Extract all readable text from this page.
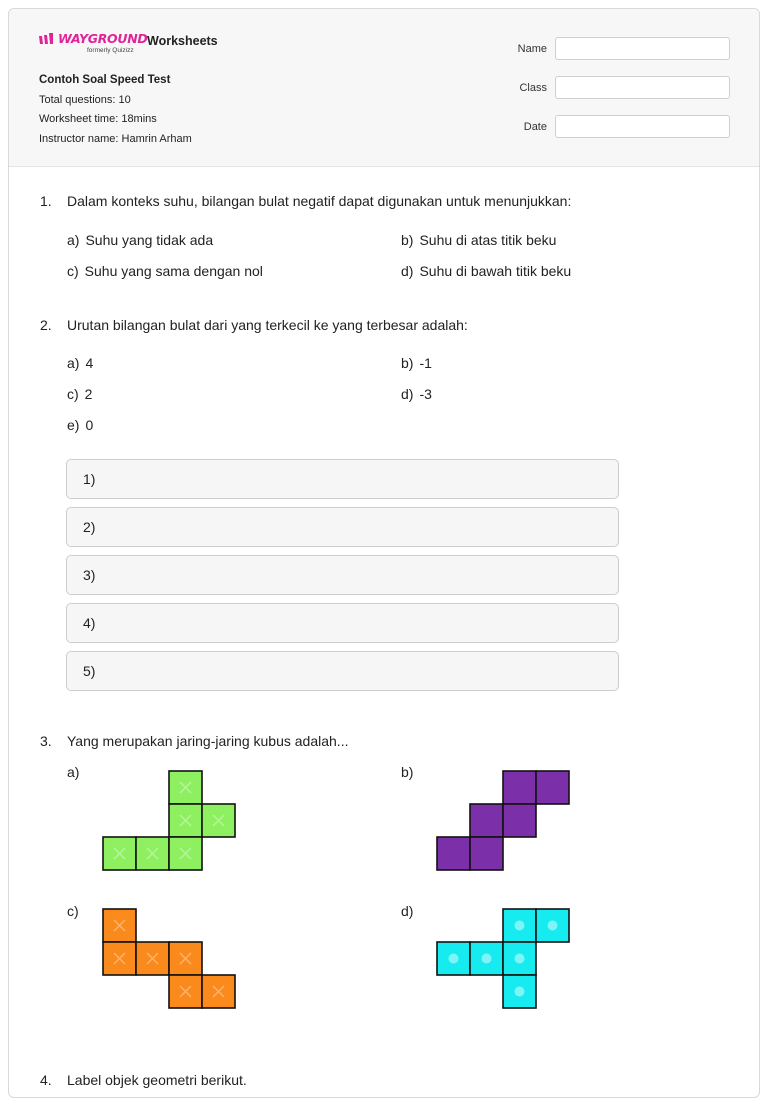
WAYGROUND
formerly Quizizz
Worksheets
Contoh Soal Speed Test
Total questions: 10
Worksheet time: 18mins
Instructor name: Hamrin Arham
Name
Class
Date
1. Dalam konteks suhu, bilangan bulat negatif dapat digunakan untuk menunjukkan:
a) Suhu yang tidak ada	b) Suhu di atas titik beku
c) Suhu yang sama dengan nol	d) Suhu di bawah titik beku
2. Urutan bilangan bulat dari yang terkecil ke yang terbesar adalah:
a) 4	b) -1
c) 2	d) -3
e) 0
1)
2)
3)
4)
5)
3. Yang merupakan jaring-jaring kubus adalah...
a)	b)
c)	d)
4. Label objek geometri berikut.
